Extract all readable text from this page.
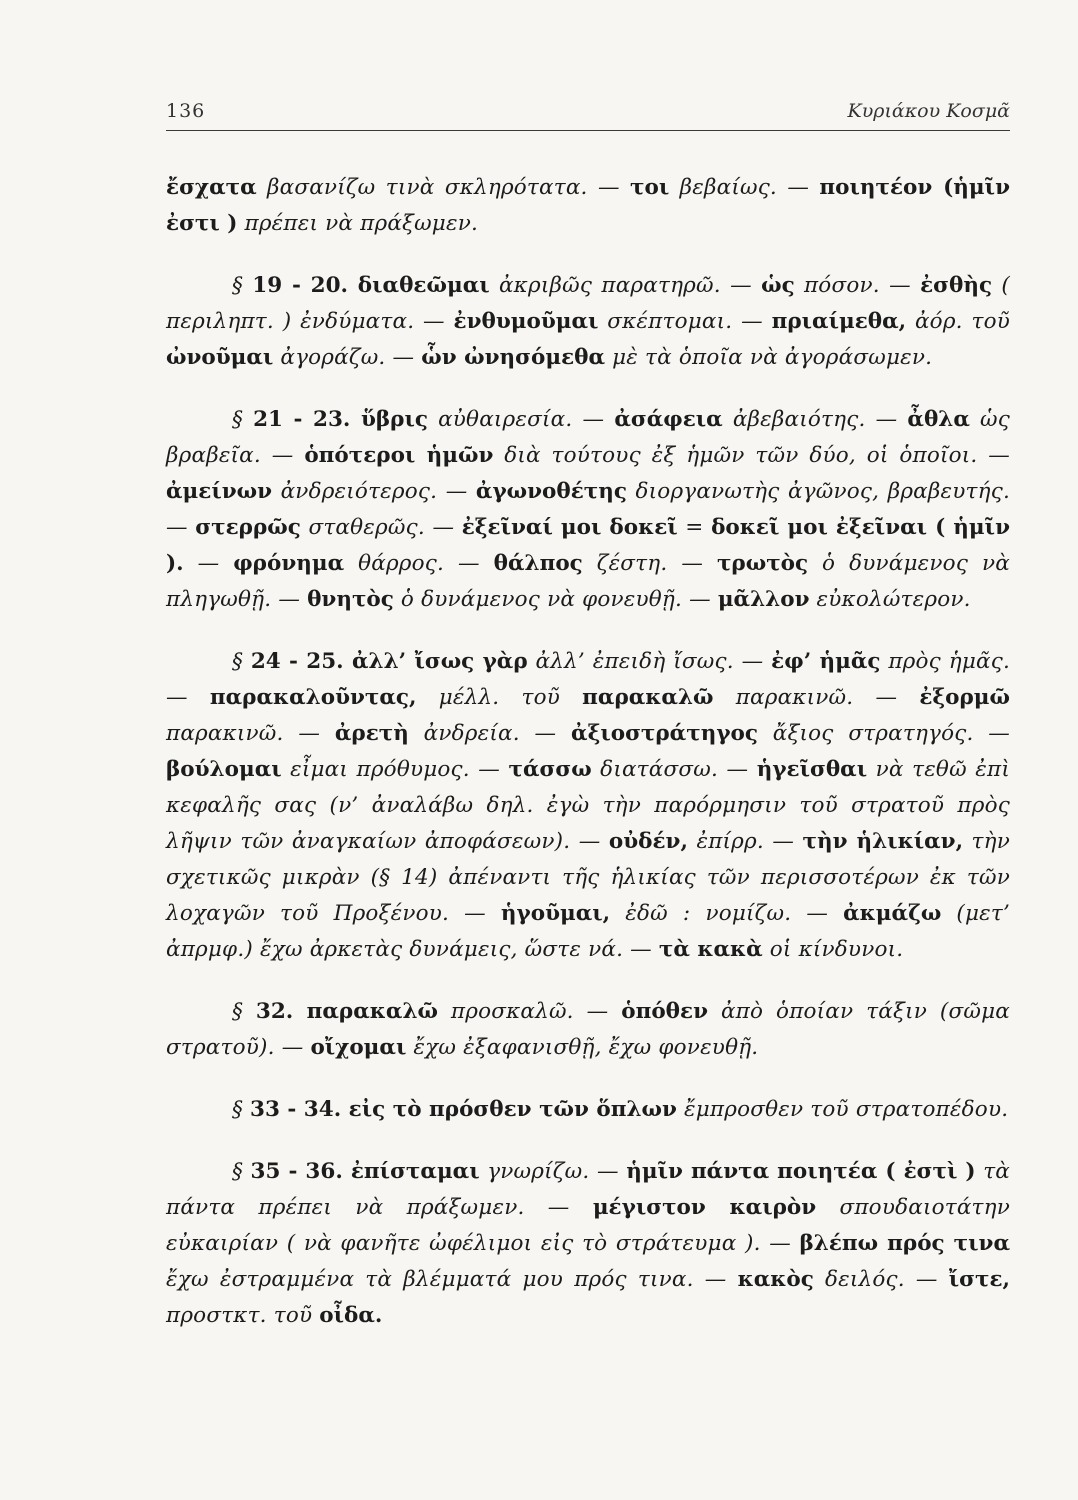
136	Κυριάκου Κοσμᾶ

ἔσχατα βασανίζω τινὰ σκληρότατα. — τοι βεβαίως. — ποιητέον (ἡμῖν ἐστι ) πρέπει νὰ πράξωμεν.

§ 19 - 20. διαθεῶμαι ἀκριβῶς παρατηρῶ. — ὡς πόσον. — ἐσθὴς ( περιληπτ. ) ἐνδύματα. — ἐνθυμοῦμαι σκέπτομαι. — πριαίμεθα, ἀόρ. τοῦ ὠνοῦμαι ἀγοράζω. — ὧν ὠνησόμεθα μὲ τὰ ὁποῖα νὰ ἀγοράσωμεν.

§ 21 - 23. ὕβρις αὐθαιρεσία. — ἀσάφεια ἀβεβαιότης. — ἆθλα ὡς βραβεῖα. — ὁπότεροι ἡμῶν διὰ τούτους ἐξ ἡμῶν τῶν δύο, οἱ ὁποῖοι. — ἀμείνων ἀνδρειότερος. — ἀγωνοθέτης διοργανωτὴς ἀγῶνος, βραβευτής. — στερρῶς σταθερῶς. — ἐξεῖναί μοι δοκεῖ = δοκεῖ μοι ἐξεῖναι ( ἡμῖν ). — φρόνημα θάρρος. — θάλπος ζέστη. — τρωτὸς ὁ δυνάμενος νὰ πληγωθῇ. — θνητὸς ὁ δυνάμενος νὰ φονευθῇ. — μᾶλλον εὐκολώτερον.

§ 24 - 25. ἀλλ’ ἴσως γὰρ ἀλλ’ ἐπειδὴ ἴσως. — ἐφ’ ἡμᾶς πρὸς ἡμᾶς. — παρακαλοῦντας, μέλλ. τοῦ παρακαλῶ παρακινῶ. — ἐξορμῶ παρακινῶ. — ἀρετὴ ἀνδρεία. — ἀξιοστράτηγος ἄξιος στρατηγός. — βούλομαι εἶμαι πρόθυμος. — τάσσω διατάσσω. — ἡγεῖσθαι νὰ τεθῶ ἐπὶ κεφαλῆς σας (ν’ ἀναλάβω δηλ. ἐγὼ τὴν παρόρμησιν τοῦ στρατοῦ πρὸς λῆψιν τῶν ἀναγκαίων ἀποφάσεων). — οὐδέν, ἐπίρρ. — τὴν ἡλικίαν, τὴν σχετικῶς μικρὰν (§ 14) ἀπέναντι τῆς ἡλικίας τῶν περισσοτέρων ἐκ τῶν λοχαγῶν τοῦ Προξένου. — ἡγοῦμαι, ἐδῶ : νομίζω. — ἀκμάζω (μετ’ ἀπρμφ.) ἔχω ἀρκετὰς δυνάμεις, ὥστε νά. — τὰ κακὰ οἱ κίνδυνοι.

§ 32. παρακαλῶ προσκαλῶ. — ὁπόθεν ἀπὸ ὁποίαν τάξιν (σῶμα στρατοῦ). — οἴχομαι ἔχω ἐξαφανισθῇ, ἔχω φονευθῇ.

§ 33 - 34. εἰς τὸ πρόσθεν τῶν ὅπλων ἔμπροσθεν τοῦ στρατοπέδου.

§ 35 - 36. ἐπίσταμαι γνωρίζω. — ἡμῖν πάντα ποιητέα ( ἐστὶ ) τὰ πάντα πρέπει νὰ πράξωμεν. — μέγιστον καιρὸν σπουδαιοτάτην εὐκαιρίαν ( νὰ φανῆτε ὠφέλιμοι εἰς τὸ στράτευμα ). — βλέπω πρός τινα ἔχω ἐστραμμένα τὰ βλέμματά μου πρός τινα. — κακὸς δειλός. — ἴστε, προστκτ. τοῦ οἶδα.
